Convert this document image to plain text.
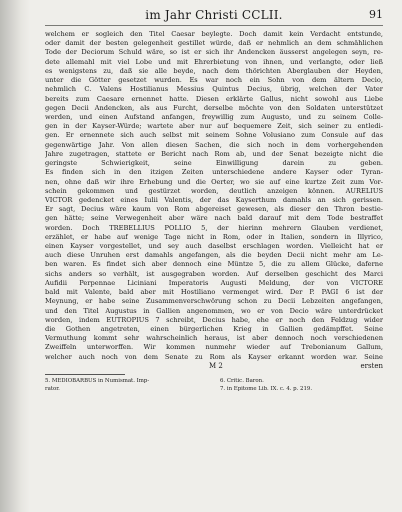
im Jahr Christi CCLII.	91

welchem er sogleich den Titel Caesar beylegte. Doch damit kein Verdacht entstunde,

oder damit der besten gelegenheit gestillet würde, daß er nehmlich an dem schmählichen

Tode der Deciorum Schuld wäre, so ist er sich ihr Andencken äusserst angelegen seyn, re-

dete allemahl mit viel Lobe und mit Ehrerbietung von ihnen, und verlangte, oder ließ

es wenigstens zu, daß sie alle beyde, nach dem thörichten Aberglauben der Heyden,

unter die Götter gesetzet wurden. Es war noch ein Sohn von dem ältern Decio,

nehmlich C. Valens Hostilianus Messius Quintus Decius, übrig, welchen der Vater

bereits zum Caesare ernennet hatte. Diesen erklärte Gallus, nicht sowohl aus Liebe

gegen Decii Andencken, als aus Furcht, derselbe möchte von den Soldaten unterstützet

werden, und einen Aufstand anfangen, freywillig zum Augusto, und zu seinem Colle-

gen in der Kayser-Würde; wartete aber nur auf bequemere Zeit, sich seiner zu entledi-

gen. Er ernennete sich auch selbst mit seinem Sohne Volusiano zum Consule auf das

gegenwärtige Jahr. Von allen diesen Sachen, die sich noch in dem vorhergehenden

Jahre zugetragen, stattete er Bericht nach Rom ab, und der Senat bezeigte nicht die

geringste Schwierigkeit, seine Einwilligung darein zu geben.

Es finden sich in den itzigen Zeiten unterschiedene andere Kayser oder Tyran-

nen, ohne daß wir ihre Erhebung und die Oerter, wo sie auf eine kurtze Zeit zum Vor-

schein gekommen und gestürzet worden, deutlich anzeigen können. AURELIUS

VICTOR gedencket eines Iulii Valentis, der das Kayserthum damahls an sich gerissen.

Er sagt, Decius wäre kaum von Rom abgereiset gewesen, als dieser den Thron bestie-

gen hätte; seine Verwegenheit aber wäre nach bald darauf mit dem Tode bestraffet

worden. Doch TREBELLIUS POLLIO 5, der hierinn mehrern Glauben verdienet,

erzählet, er habe auf wenige Tage nicht in Rom, oder in Italien, sondern in Illyrico,

einen Kayser vorgestellet, und sey auch daselbst erschlagen worden. Vielleicht hat er

auch diese Unruhen erst damahls angefangen, als die beyden Decii nicht mehr am Le-

ben waren. Es findet sich aber dennoch eine Müntze 5, die zu allem Glücke, daferne

sichs anders so verhält, ist ausgegraben worden. Auf derselben geschicht des Marci

Aufidii Perpennae Liciniani Imperatoris Augusti Meldung, der von VICTORE

bald mit Valente, bald aber mit Hostiliano vermenget wird. Der P. PAGI 6 ist der

Meynung, er habe seine Zusammenverschwörung schon zu Decii Lebzeiten angefangen,

und den Titel Augustus in Gallien angenommen, wo er von Decio wäre unterdrücket

worden, indem EUTROPIUS 7 schreibt, Decius habe, ehe er noch den Feldzug wider

die Gothen angetreten, einen bürgerlichen Krieg in Gallien gedämpffet. Seine

Vermuthung kommt sehr wahrscheinlich heraus, ist aber dennoch noch verschiedenen

Zweiffeln unterworffen. Wir kommen nunmehr wieder auf Trebonianum Gallum,

welcher auch noch von dem Senate zu Rom als Kayser erkannt worden war. Seine

M 2	ersten
5. MEDIOBARBUS in Numismat. Imp-
rator.
6. Critic. Baron.
7. in Epitome Lib. IX. c. 4. p. 219.
